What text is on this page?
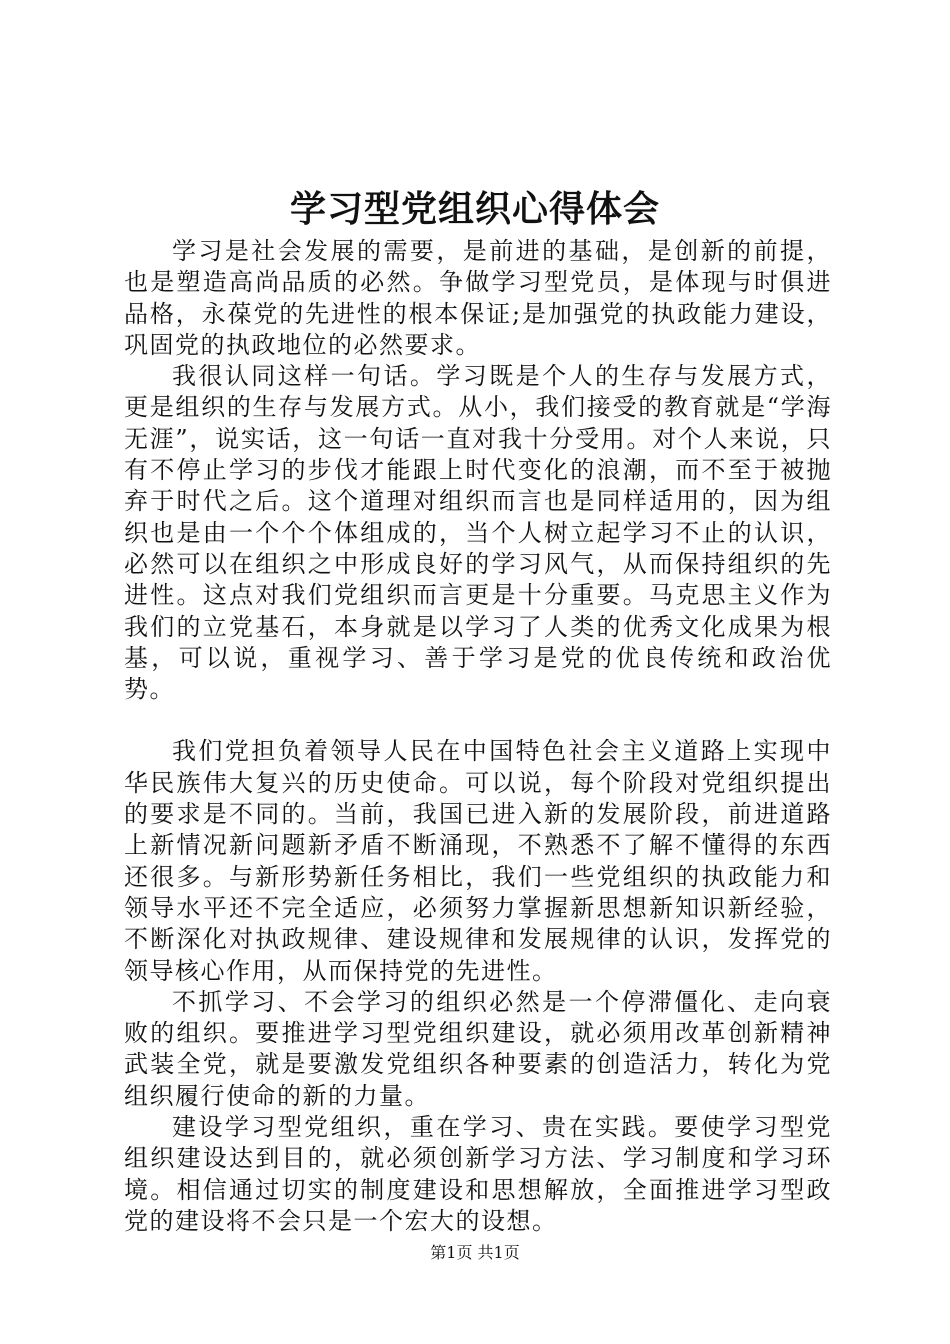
学习型党组织心得体会

学习是社会发展的需要，是前进的基础，是创新的前提，也是塑造高尚品质的必然。争做学习型党员，是体现与时俱进品格，永葆党的先进性的根本保证;是加强党的执政能力建设，巩固党的执政地位的必然要求。

我很认同这样一句话。学习既是个人的生存与发展方式，更是组织的生存与发展方式。从小，我们接受的教育就是“学海无涯”，说实话，这一句话一直对我十分受用。对个人来说，只有不停止学习的步伐才能跟上时代变化的浪潮，而不至于被抛弃于时代之后。这个道理对组织而言也是同样适用的，因为组织也是由一个个个体组成的，当个人树立起学习不止的认识，必然可以在组织之中形成良好的学习风气，从而保持组织的先进性。这点对我们党组织而言更是十分重要。马克思主义作为我们的立党基石，本身就是以学习了人类的优秀文化成果为根基，可以说，重视学习、善于学习是党的优良传统和政治优势。

我们党担负着领导人民在中国特色社会主义道路上实现中华民族伟大复兴的历史使命。可以说，每个阶段对党组织提出的要求是不同的。当前，我国已进入新的发展阶段，前进道路上新情况新问题新矛盾不断涌现，不熟悉不了解不懂得的东西还很多。与新形势新任务相比，我们一些党组织的执政能力和领导水平还不完全适应，必须努力掌握新思想新知识新经验，不断深化对执政规律、建设规律和发展规律的认识，发挥党的领导核心作用，从而保持党的先进性。

不抓学习、不会学习的组织必然是一个停滞僵化、走向衰败的组织。要推进学习型党组织建设，就必须用改革创新精神武装全党，就是要激发党组织各种要素的创造活力，转化为党组织履行使命的新的力量。

建设学习型党组织，重在学习、贵在实践。要使学习型党组织建设达到目的，就必须创新学习方法、学习制度和学习环境。相信通过切实的制度建设和思想解放，全面推进学习型政党的建设将不会只是一个宏大的设想。

第1页 共1页
